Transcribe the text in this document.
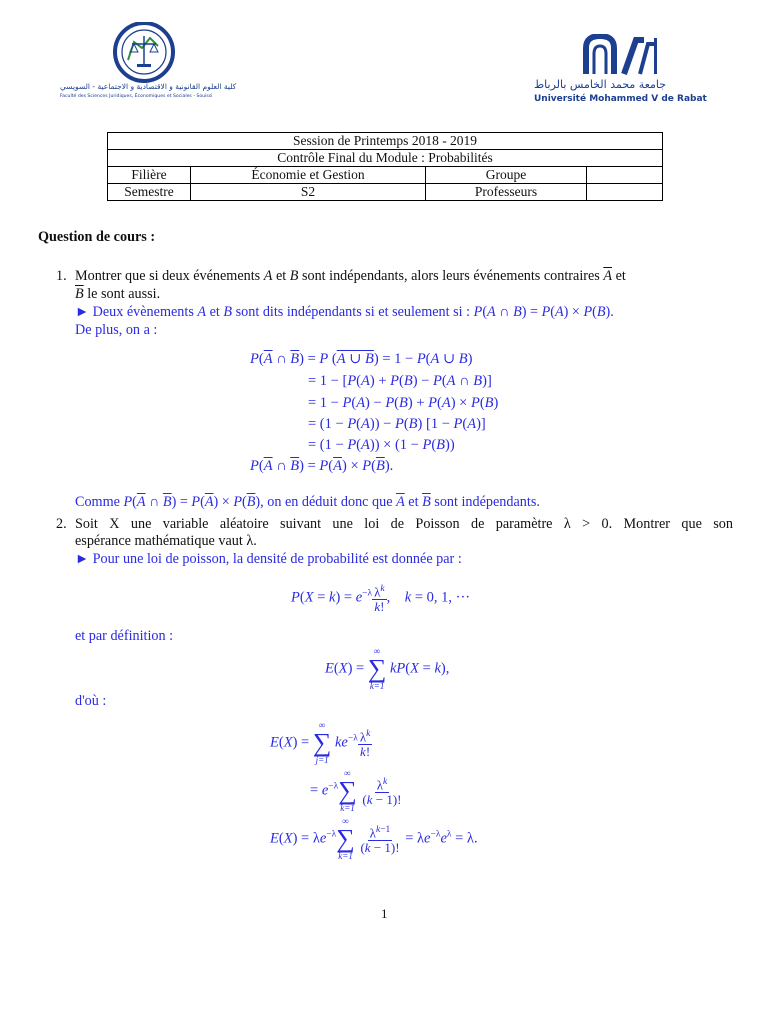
كلية العلوم القانونية و الاقتصادية و الاجتماعية - السويسي
Faculté des Sciences Juridiques, Économiques et Sociales - Souissi
جامعة محمد الخامس بالرباط
Université Mohammed V de Rabat
Session de Printemps 2018 - 2019			
Contrôle Final du Module : Probabilités			
Filière	Économie et Gestion	Groupe	
Semestre	S2	Professeurs	
Question de cours :
1. Montrer que si deux événements A et B sont indépendants, alors leurs événements contraires $\overline{A}$ et
$\overline{B}$ le sont aussi.
► Deux évènements A et B sont dits indépendants si et seulement si : P(A ∩ B) = P(A) × P(B).
De plus, on a :
$P(\overline{A}$ ∩ $\overline{B}) = P$ (A ∪ B) = 1 − P(A ∪ B)
= 1 − [P(A) + P(B) − P(A ∩ B)]
= 1 − P(A) − P(B) + P(A) × P(B)
= (1 − P(A)) − P(B) [1 − P(A)]
= (1 − P(A)) × (1 − P(B))
$P(\overline{A}$ ∩ $\overline{B}) = P(\overline{A}) \times P(\overline{B})$.
Comme $P(\overline{A}$ ∩ $\overline{B}) = P(\overline{A}) \times P(\overline{B})$, on en déduit donc que $\overline{A}$ et $\overline{B}$ sont indépendants.
2. Soit X une variable aléatoire suivant une loi de Poisson de paramètre λ > 0. Montrer que son
espérance mathématique vaut λ.
► Pour une loi de poisson, la densité de probabilité est donnée par :
$P(X = k) = e^{-\lambda} \frac{\lambda^k}{k!}$ ,    k = 0, 1, ···
et par définition :
E(X) =
∞
∑
k=1
kP(X = k),
d'où :
E(X) =
∞
∑
j=1
$ke^{-\lambda} \frac{\lambda^k}{k!}$
= $e^{-\lambda}$
∞
∑
k=1

$\frac{\lambda^k}{(k - 1)!}$
$E(X) = \lambda e^{-\lambda}$
∞
∑
k=1

$\frac{\lambda^{k-1}}{(k - 1)!} = \lambda e^{-\lambda}e^\lambda = \lambda$.
1
